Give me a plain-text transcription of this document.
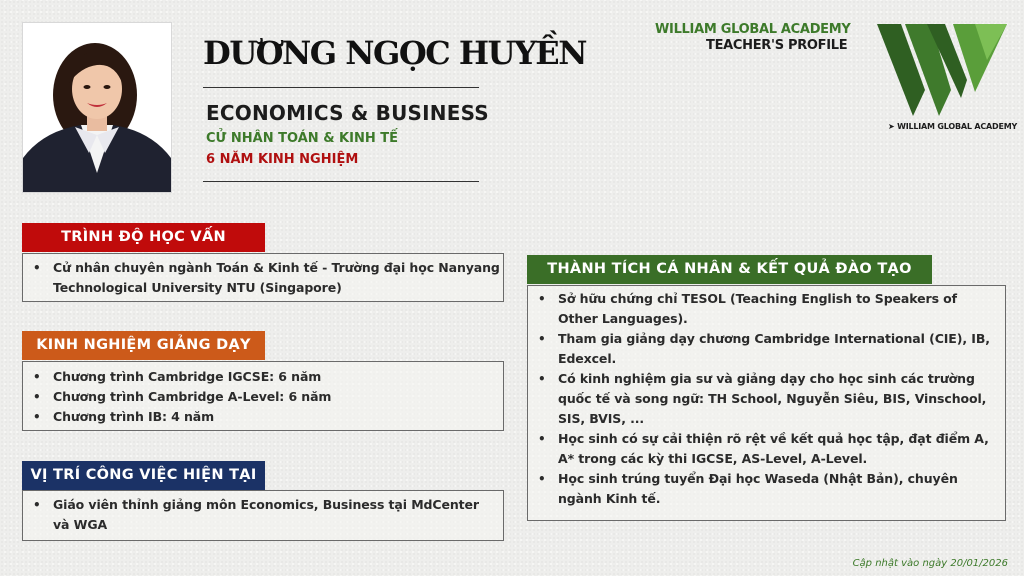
DƯƠNG NGỌC HUYỀN
ECONOMICS & BUSINESS
CỬ NHÂN TOÁN & KINH TẾ
6 NĂM KINH NGHIỆM
WILLIAM GLOBAL ACADEMY
TEACHER'S PROFILE
➤ WILLIAM GLOBAL ACADEMY
TRÌNH ĐỘ HỌC VẤN
• Cử nhân chuyên ngành Toán & Kinh tế - Trường đại học Nanyang Technological University NTU (Singapore)
KINH NGHIỆM GIẢNG DẠY
• Chương trình Cambridge IGCSE: 6 năm
• Chương trình Cambridge A-Level: 6 năm
• Chương trình IB: 4 năm
VỊ TRÍ CÔNG VIỆC HIỆN TẠI
• Giáo viên thỉnh giảng môn Economics, Business tại MdCenter và WGA
THÀNH TÍCH CÁ NHÂN & KẾT QUẢ ĐÀO TẠO
• Sở hữu chứng chỉ TESOL (Teaching English to Speakers of Other Languages).
• Tham gia giảng dạy chương Cambridge International (CIE), IB, Edexcel.
• Có kinh nghiệm gia sư và giảng dạy cho học sinh các trường quốc tế và song ngữ: TH School, Nguyễn Siêu, BIS, Vinschool, SIS, BVIS, ...
• Học sinh có sự cải thiện rõ rệt về kết quả học tập, đạt điểm A, A* trong các kỳ thi IGCSE, AS-Level, A-Level.
• Học sinh trúng tuyển Đại học Waseda (Nhật Bản), chuyên ngành Kinh tế.
Cập nhật vào ngày 20/01/2026
